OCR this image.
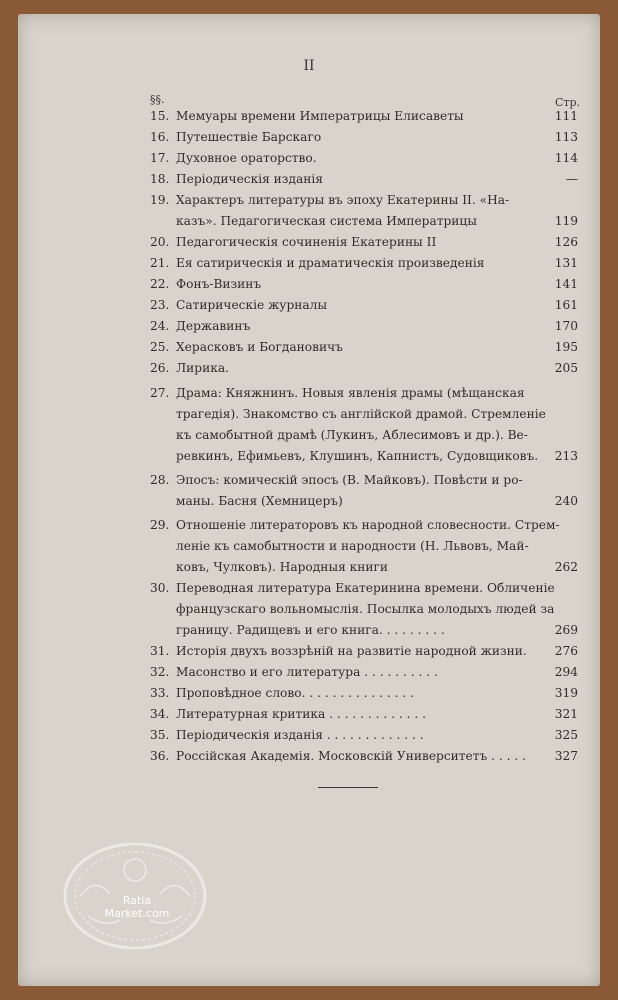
II
§§.	Стр.
15. Мемуары времени Императрицы Елисаветы	111
16. Путешествіе Барскаго	113
17. Духовное ораторство.	114
18. Періодическія изданія	—
19. Характеръ литературы въ эпоху Екатерины II. «На-
казъ». Педагогическая система Императрицы	119
20. Педагогическія сочиненія Екатерины II	126
21. Ея сатирическія и драматическія произведенія	131
22. Фонъ-Визинъ	141
23. Сатирическіе журналы	161
24. Державинъ	170
25. Херасковъ и Богдановичъ	195
26. Лирика.	205
27. Драма: Княжнинъ. Новыя явленія драмы (мѣщанская
трагедія). Знакомство съ англійской драмой. Стремленіе
къ самобытной драмѣ (Лукинъ, Аблесимовъ и др.). Ве-
ревкинъ, Ефимьевъ, Клушинъ, Капнистъ, Судовщиковъ. 213
28. Эпосъ: комическій эпосъ (В. Майковъ). Повѣсти и ро-
маны. Басня (Хемницеръ)	240
29. Отношеніе литераторовъ къ народной словесности. Стрем-
леніе къ самобытности и народности (Н. Львовъ, Май-
ковъ, Чулковъ). Народныя книги	262
30. Переводная литература Екатеринина времени. Обличеніе
французскаго вольномыслія. Посылка молодыхъ людей за
границу. Радищевъ и его книга. . . . . . . . .	269
31. Исторія двухъ воззрѣній на развитіе народной жизни. 276
32. Масонство и его литература . . . . . . . . . .	294
33. Проповѣдное слово. . . . . . . . . . . . . . .	319
34. Литературная критика . . . . . . . . . . . . .	321
35. Періодическія изданія . . . . . . . . . . . . .	325
36. Россійская Академія. Московскій Университетъ . . . . . 327
Ratia Market.com
